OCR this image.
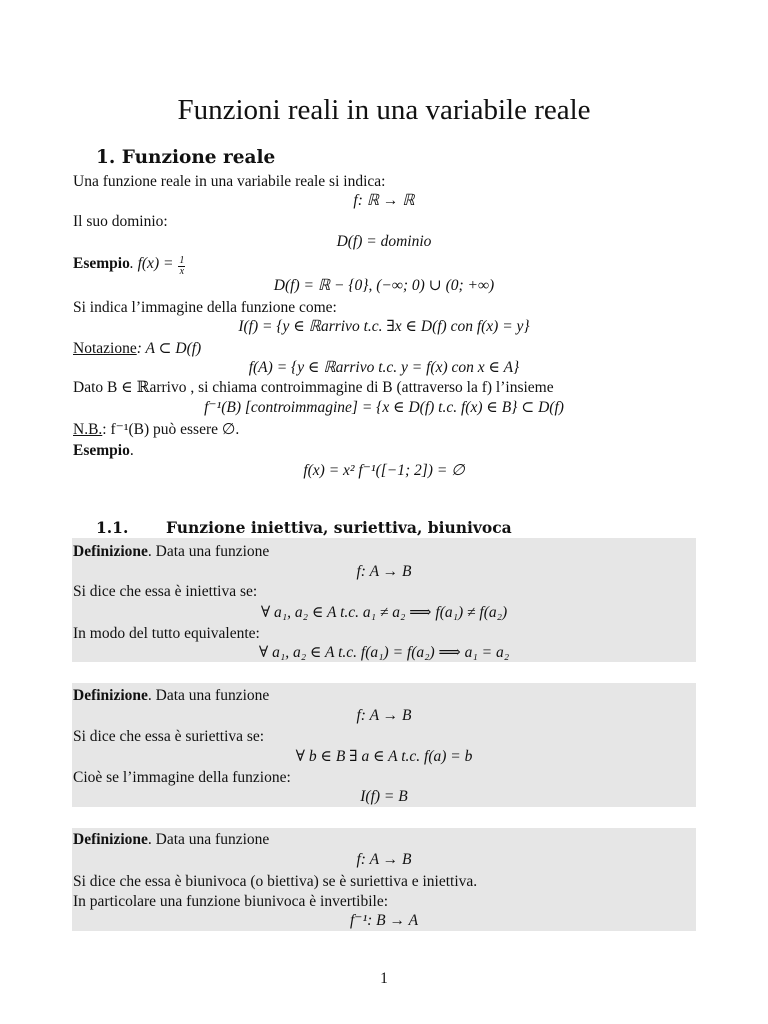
Funzioni reali in una variabile reale
1. Funzione reale
Una funzione reale in una variabile reale si indica:
f: ℝ → ℝ
Il suo dominio:
D(f) = dominio
Esempio. $f(x) = \frac{1}{x}$
D(f) = ℝ − {0}, (−∞; 0) ∪ (0; +∞)
Si indica l’immagine della funzione come:
I(f) = {y ∈ ℝarrivo t.c. ∃x ∈ D(f) con f(x) = y}
Notazione: A ⊂ D(f)
f(A) = {y ∈ ℝarrivo t.c. y = f(x) con x ∈ A}
Dato B ∈ ℝarrivo , si chiama controimmagine di B (attraverso la f) l’insieme
f⁻¹(B) [controimmagine] = {x ∈ D(f) t.c. f(x) ∈ B} ⊂ D(f)
N.B.: f⁻¹(B) può essere ∅.
Esempio.
f(x) = x² f⁻¹([−1; 2]) = ∅
1.1. Funzione iniettiva, suriettiva, biunivoca
Definizione. Data una funzione
f: A → B
Si dice che essa è iniettiva se:
∀ a₁, a₂ ∈ A t.c. a₁ ≠ a₂ ⟹ f(a₁) ≠ f(a₂)
In modo del tutto equivalente:
∀ a₁, a₂ ∈ A t.c. f(a₁) = f(a₂) ⟹ a₁ = a₂
Definizione. Data una funzione
f: A → B
Si dice che essa è suriettiva se:
∀ b ∈ B ∃ a ∈ A t.c. f(a) = b
Cioè se l’immagine della funzione:
I(f) = B
Definizione. Data una funzione
f: A → B
Si dice che essa è biunivoca (o biettiva) se è suriettiva e iniettiva.
In particolare una funzione biunivoca è invertibile:
f⁻¹: B → A
1
